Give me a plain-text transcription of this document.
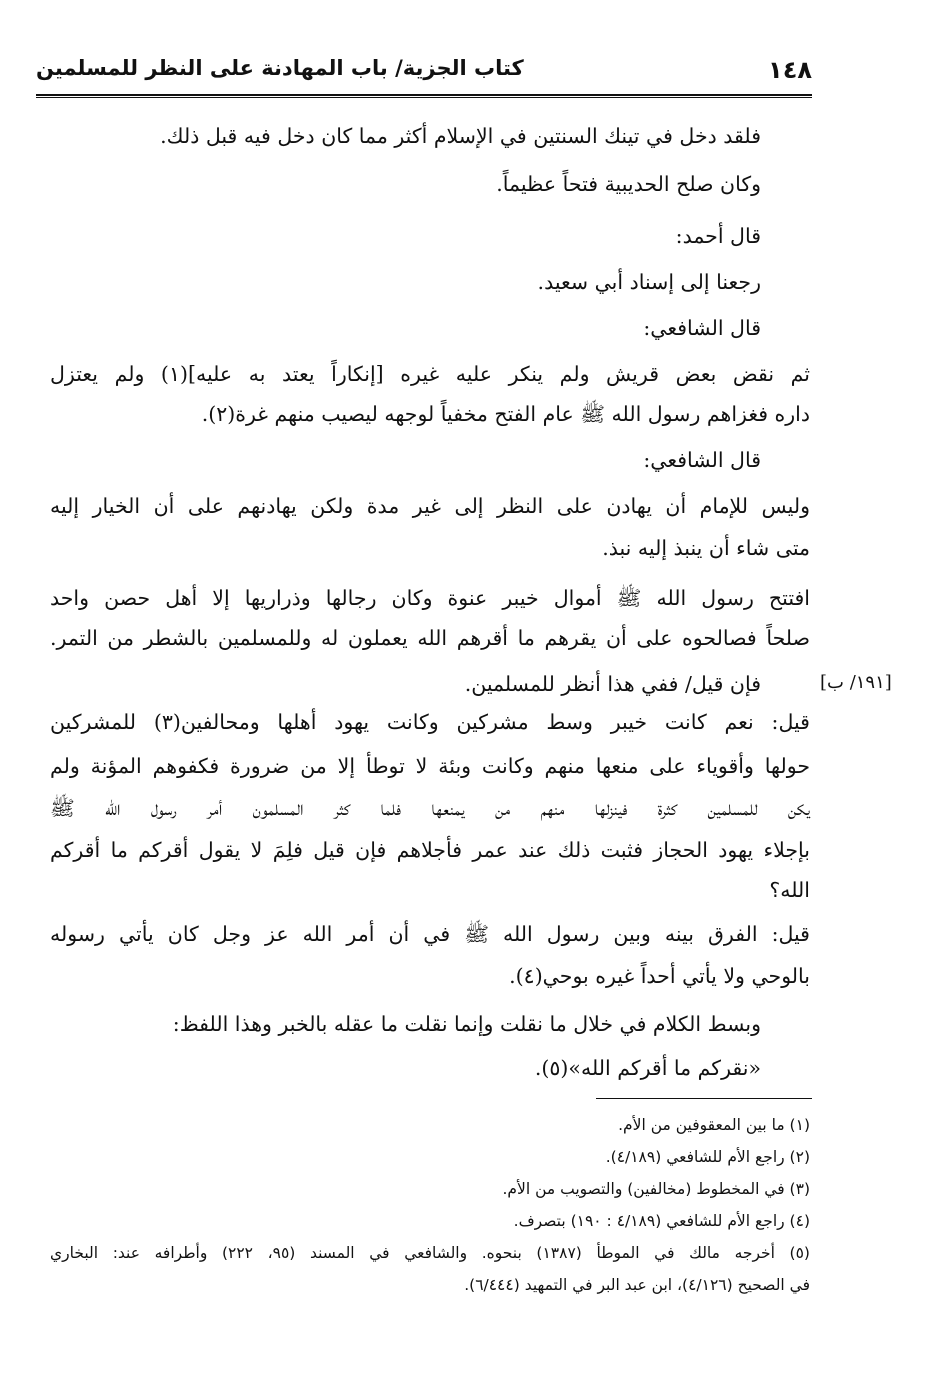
١٤٨
كتاب الجزية/ باب المهادنة على النظر للمسلمين
فلقد دخل في تينك السنتين في الإسلام أكثر مما كان دخل فيه قبل ذلك.
وكان صلح الحديبية فتحاً عظيماً.
قال أحمد:
رجعنا إلى إسناد أبي سعيد.
قال الشافعي:
ثم نقض بعض قريش ولم ينكر عليه غيره [إنكاراً يعتد به عليه](١) ولم يعتزل
داره فغزاهم رسول الله ﷺ عام الفتح مخفياً لوجهه ليصيب منهم غرة(٢).
قال الشافعي:
وليس للإمام أن يهادن على النظر إلى غير مدة ولكن يهادنهم على أن الخيار إليه
متى شاء أن ينبذ إليه نبذ.
افتتح رسول الله ﷺ أموال خيبر عنوة وكان رجالها وذراريها إلا أهل حصن واحد
صلحاً فصالحوه على أن يقرهم ما أقرهم الله يعملون له وللمسلمين بالشطر من التمر.
فإن قيل/ ففي هذا أنظر للمسلمين.
قيل: نعم كانت خيبر وسط مشركين وكانت يهود أهلها ومحالفين(٣) للمشركين
حولها وأقوياء على منعها منهم وكانت وبئة لا توطأ إلا من ضرورة فكفوهم المؤنة ولم
يكن للمسلمين كثرة فينزلها منهم من يمنعها فلما كثر المسلمون أمر رسول الله ﷺ
بإجلاء يهود الحجاز فثبت ذلك عند عمر فأجلاهم فإن قيل فلِمَ لا يقول أقركم ما أقركم
الله؟
قيل: الفرق بينه وبين رسول الله ﷺ في أن أمر الله عز وجل كان يأتي رسوله
بالوحي ولا يأتي أحداً غيره بوحي(٤).
وبسط الكلام في خلال ما نقلت وإنما نقلت ما عقله بالخبر وهذا اللفظ:
«نقركم ما أقركم الله»(٥).
[١٩١/ ب]
(١) ما بين المعقوفين من الأم.
(٢) راجع الأم للشافعي (٤/١٨٩).
(٣) في المخطوط (مخالفين) والتصويب من الأم.
(٤) راجع الأم للشافعي (٤/١٨٩ : ١٩٠) بتصرف.
(٥) أخرجه مالك في الموطأ (١٣٨٧) بنحوه. والشافعي في المسند (٩٥، ٢٢٢) وأطرافه عند: البخاري
في الصحيح (٤/١٢٦)، ابن عبد البر في التمهيد (٦/٤٤٤).
